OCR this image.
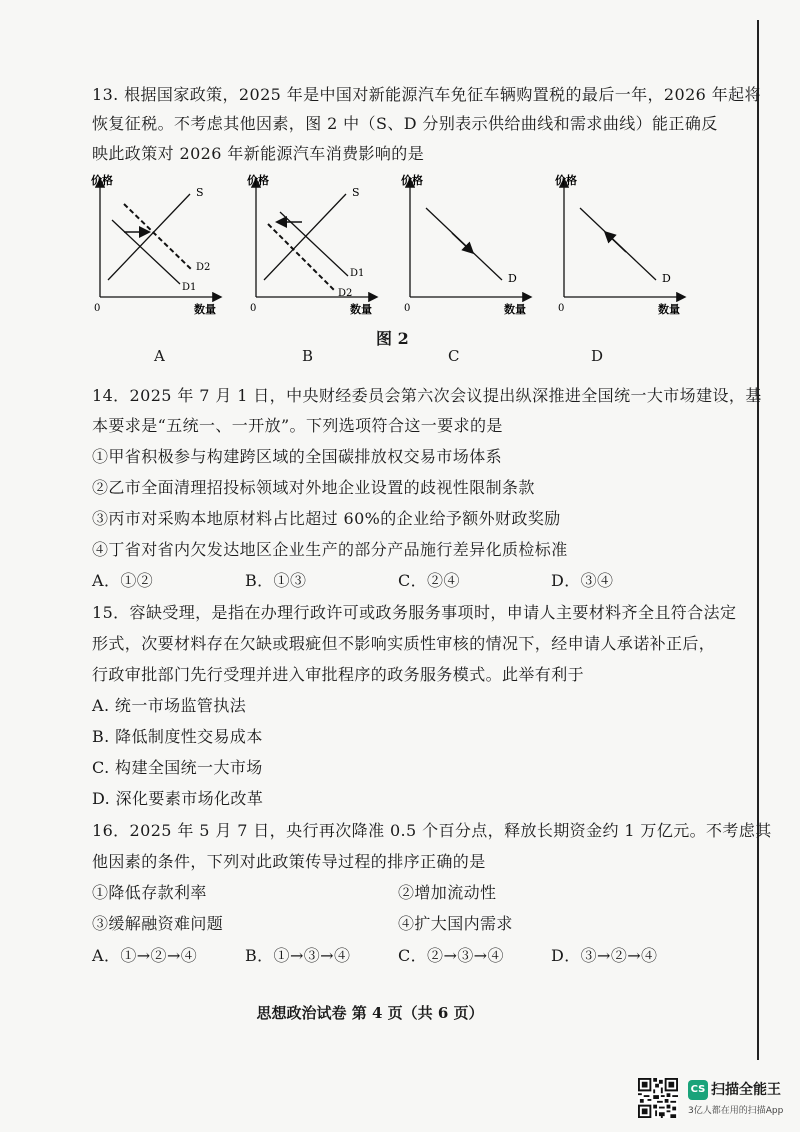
13. 根据国家政策，2025 年是中国对新能源汽车免征车辆购置税的最后一年，2026 年起将
恢复征税。不考虑其他因素，图 2 中（S、D 分别表示供给曲线和需求曲线）能正确反
映此政策对 2026 年新能源汽车消费影响的是
价格
数量
0
S
D1
D2
价格
数量
0
S
D1
D2
价格
数量
0
D
价格
数量
0
D
图 2
A	B	C	D
14．2025 年 7 月 1 日，中央财经委员会第六次会议提出纵深推进全国统一大市场建设，基
本要求是“五统一、一开放”。下列选项符合这一要求的是
①甲省积极参与构建跨区域的全国碳排放权交易市场体系
②乙市全面清理招投标领域对外地企业设置的歧视性限制条款
③丙市对采购本地原材料占比超过 60%的企业给予额外财政奖励
④丁省对省内欠发达地区企业生产的部分产品施行差异化质检标准
A．①②	B．①③	C．②④	D．③④
15．容缺受理，是指在办理行政许可或政务服务事项时，申请人主要材料齐全且符合法定
形式，次要材料存在欠缺或瑕疵但不影响实质性审核的情况下，经申请人承诺补正后，
行政审批部门先行受理并进入审批程序的政务服务模式。此举有利于
A. 统一市场监管执法
B. 降低制度性交易成本
C. 构建全国统一大市场
D. 深化要素市场化改革
16．2025 年 5 月 7 日，央行再次降准 0.5 个百分点，释放长期资金约 1 万亿元。不考虑其
他因素的条件，下列对此政策传导过程的排序正确的是
①降低存款利率	②增加流动性
③缓解融资难问题	④扩大国内需求
A．①→②→④	B．①→③→④	C．②→③→④	D．③→②→④
思想政治试卷 第 4 页（共 6 页）
CS 扫描全能王
3亿人都在用的扫描App
